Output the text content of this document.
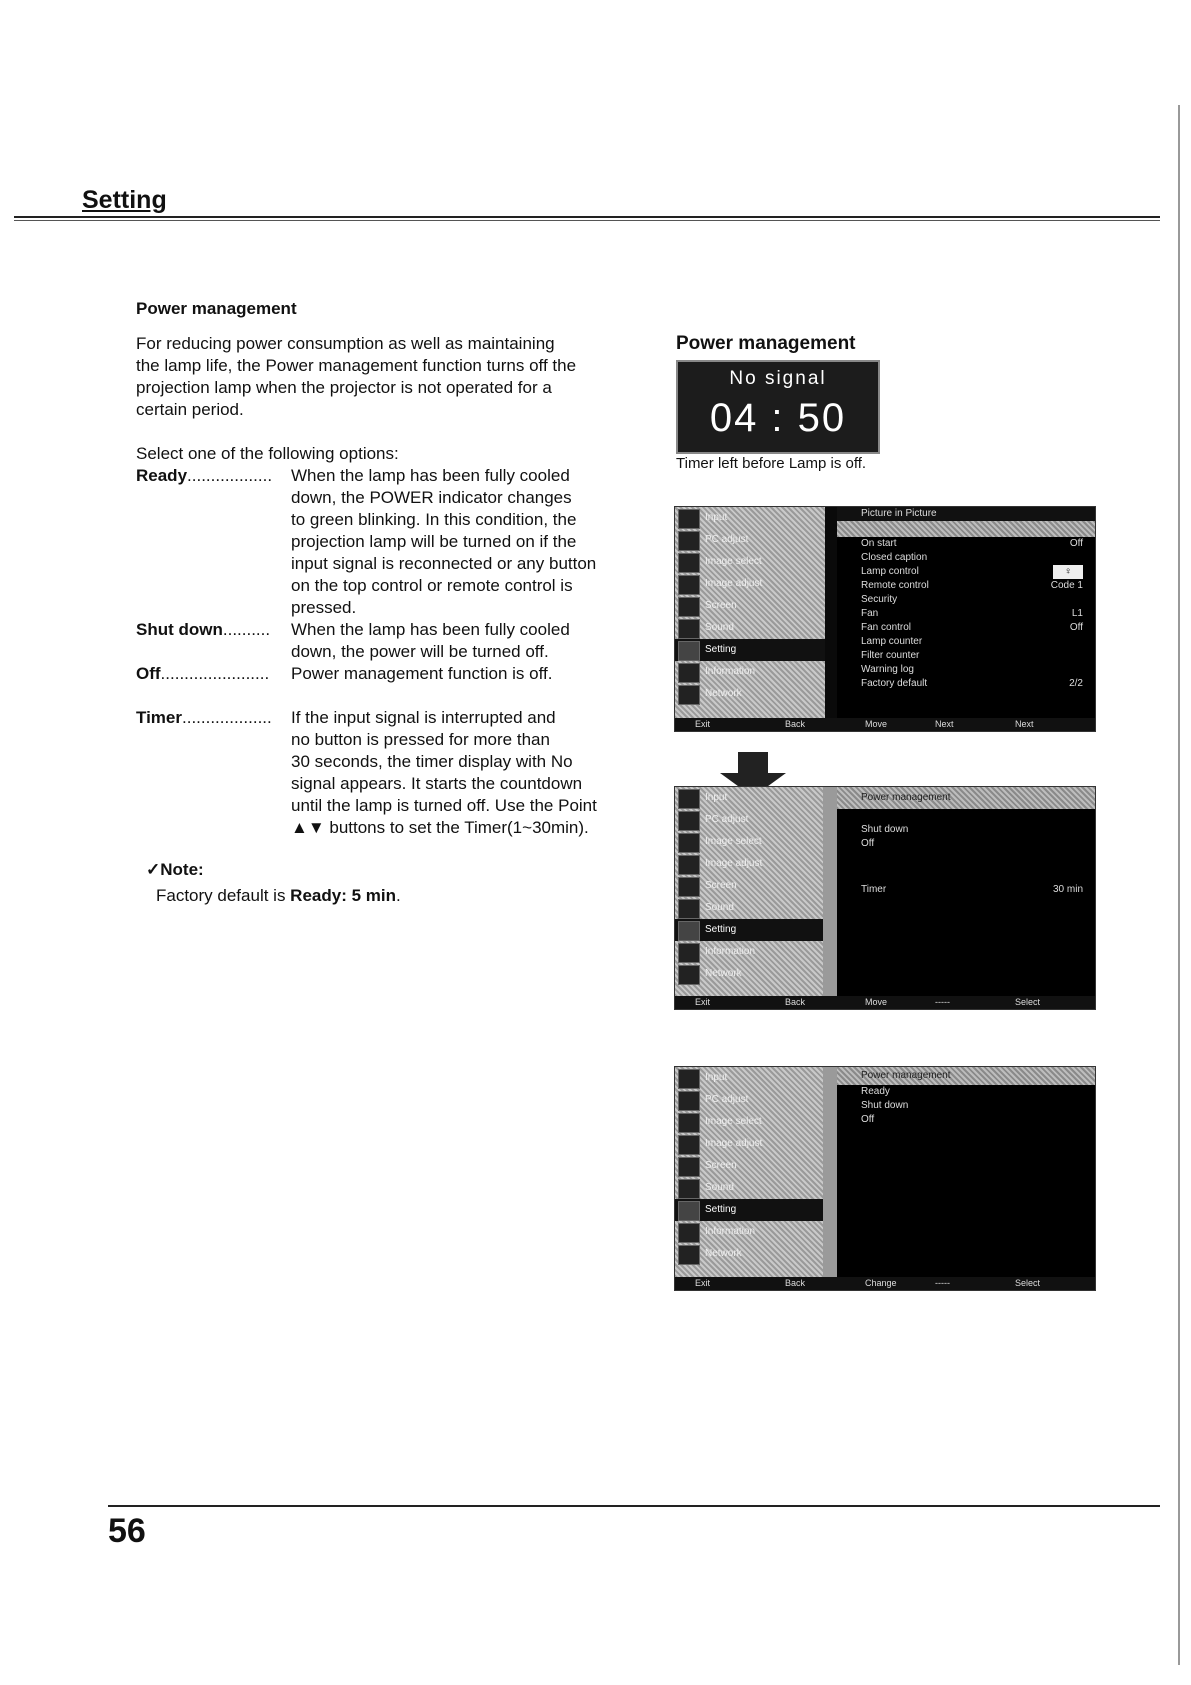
Setting
Power management
For reducing power consumption as well as maintaining
the lamp life, the Power management function turns off the
projection lamp when the projector is not operated for a
certain period.
Select one of the following options:
Ready..................	When the lamp has been fully cooled
down, the POWER indicator changes
to green blinking. In this condition, the
projection lamp will be turned on if the
input signal is reconnected or any button
on the top control or remote control is
pressed.
Shut down..........	When the lamp has been fully cooled
down, the power will be turned off.
Off.......................	Power management function is off.
Timer...................	If the input signal is interrupted and
no button is pressed for more than
30 seconds, the timer display with No
signal appears. It starts the countdown
until the lamp is turned off. Use the Point
▲▼ buttons to set the Timer(1~30min).
✓Note:
Factory default is Ready: 5 min.
Power management
No signal
04 : 50
Timer left before Lamp is off.
Input
PC adjust
Image select
Image adjust
Screen
Sound
Setting
Information
Network
Picture in Picture
On start	Off
Closed caption
Lamp control	♀
Remote control	Code 1
Security
Fan	L1
Fan control	Off
Lamp counter
Filter counter
Warning log
Factory default	2/2
Exit	Back	Move	Next	Next
Input
PC adjust
Image select
Image adjust
Screen
Sound
Setting
Information
Network
Power management
Shut down
Off
Timer	30 min
Exit	Back	Move	-----	Select
Input
PC adjust
Image select
Image adjust
Screen
Sound
Setting
Information
Network
Power management
Ready
Shut down
Off
Exit	Back	Change	-----	Select
56
